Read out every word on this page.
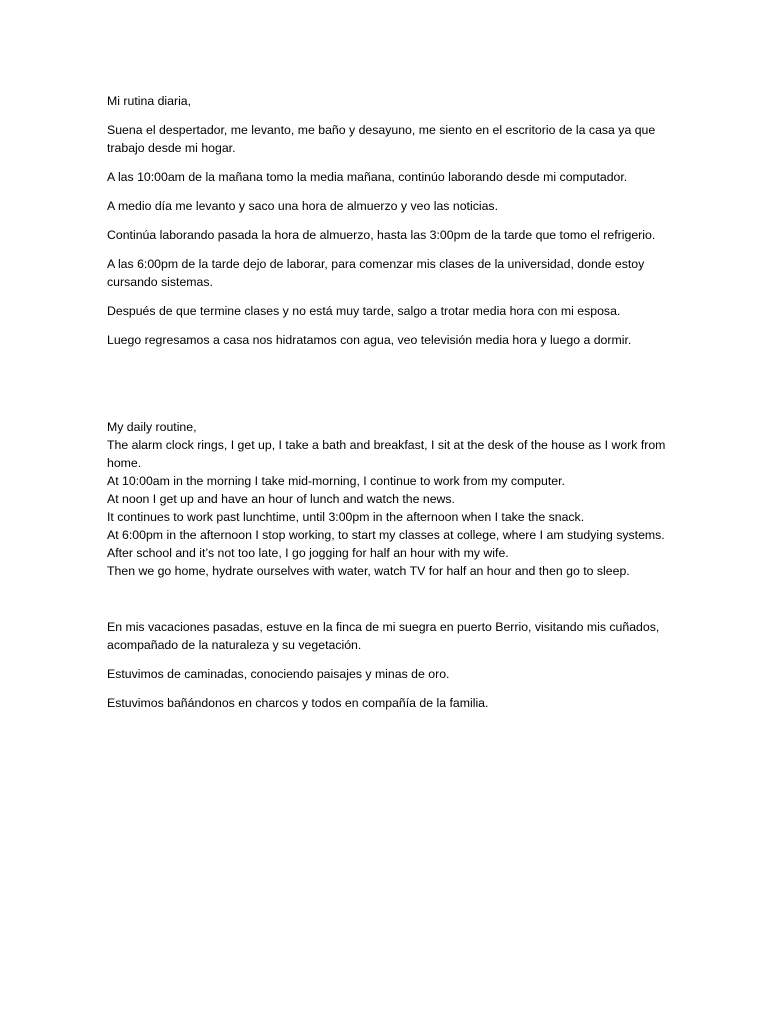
Mi rutina diaria,

Suena el despertador, me levanto, me baño y desayuno, me siento en el escritorio de la casa ya que trabajo desde mi hogar.

A las 10:00am de la mañana tomo la media mañana, continúo laborando desde mi computador.

A medio día me levanto y saco una hora de almuerzo y veo las noticias.

Continúa laborando pasada la hora de almuerzo, hasta las 3:00pm de la tarde que tomo el refrigerio.

A las 6:00pm de la tarde dejo de laborar, para comenzar mis clases de la universidad, donde estoy cursando sistemas.

Después de que termine clases y no está muy tarde, salgo a trotar media hora con mi esposa.

Luego regresamos a casa nos hidratamos con agua, veo televisión media hora y luego a dormir.

My daily routine,

The alarm clock rings, I get up, I take a bath and breakfast, I sit at the desk of the house as I work from home.

At 10:00am in the morning I take mid-morning, I continue to work from my computer.

At noon I get up and have an hour of lunch and watch the news.

It continues to work past lunchtime, until 3:00pm in the afternoon when I take the snack.

At 6:00pm in the afternoon I stop working, to start my classes at college, where I am studying systems.

After school and it’s not too late, I go jogging for half an hour with my wife.

Then we go home, hydrate ourselves with water, watch TV for half an hour and then go to sleep.

En mis vacaciones pasadas, estuve en la finca de mi suegra en puerto Berrio, visitando mis cuñados, acompañado de la naturaleza y su vegetación.

Estuvimos de caminadas, conociendo paisajes y minas de oro.

Estuvimos bañándonos en charcos y todos en compañía de la familia.
